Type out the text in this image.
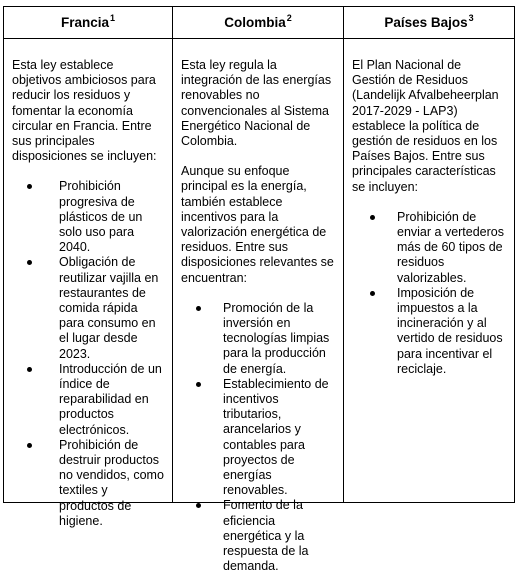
Francia$^1$	Colombia$^2$	Países Bajos$^3$

Esta ley establece objetivos ambiciosos para reducir los residuos y fomentar la economía circular en Francia. Entre sus principales disposiciones se incluyen:

Prohibición progresiva de plásticos de un solo uso para 2040.
Obligación de reutilizar vajilla en restaurantes de comida rápida para consumo en el lugar desde 2023.
Introducción de un índice de reparabilidad en productos electrónicos.
Prohibición de destruir productos no vendidos, como textiles y productos de higiene.

Esta ley regula la integración de las energías renovables no convencionales al Sistema Energético Nacional de Colombia.

Aunque su enfoque principal es la energía, también establece incentivos para la valorización energética de residuos. Entre sus disposiciones relevantes se encuentran:

Promoción de la inversión en tecnologías limpias para la producción de energía.
Establecimiento de incentivos tributarios, arancelarios y contables para proyectos de energías renovables.
Fomento de la eficiencia energética y la respuesta de la demanda.

El Plan Nacional de Gestión de Residuos (Landelijk Afvalbeheerplan 2017-2029 - LAP3) establece la política de gestión de residuos en los Países Bajos. Entre sus principales características se incluyen:

Prohibición de enviar a vertederos más de 60 tipos de residuos valorizables.
Imposición de impuestos a la incineración y al vertido de residuos para incentivar el reciclaje.
